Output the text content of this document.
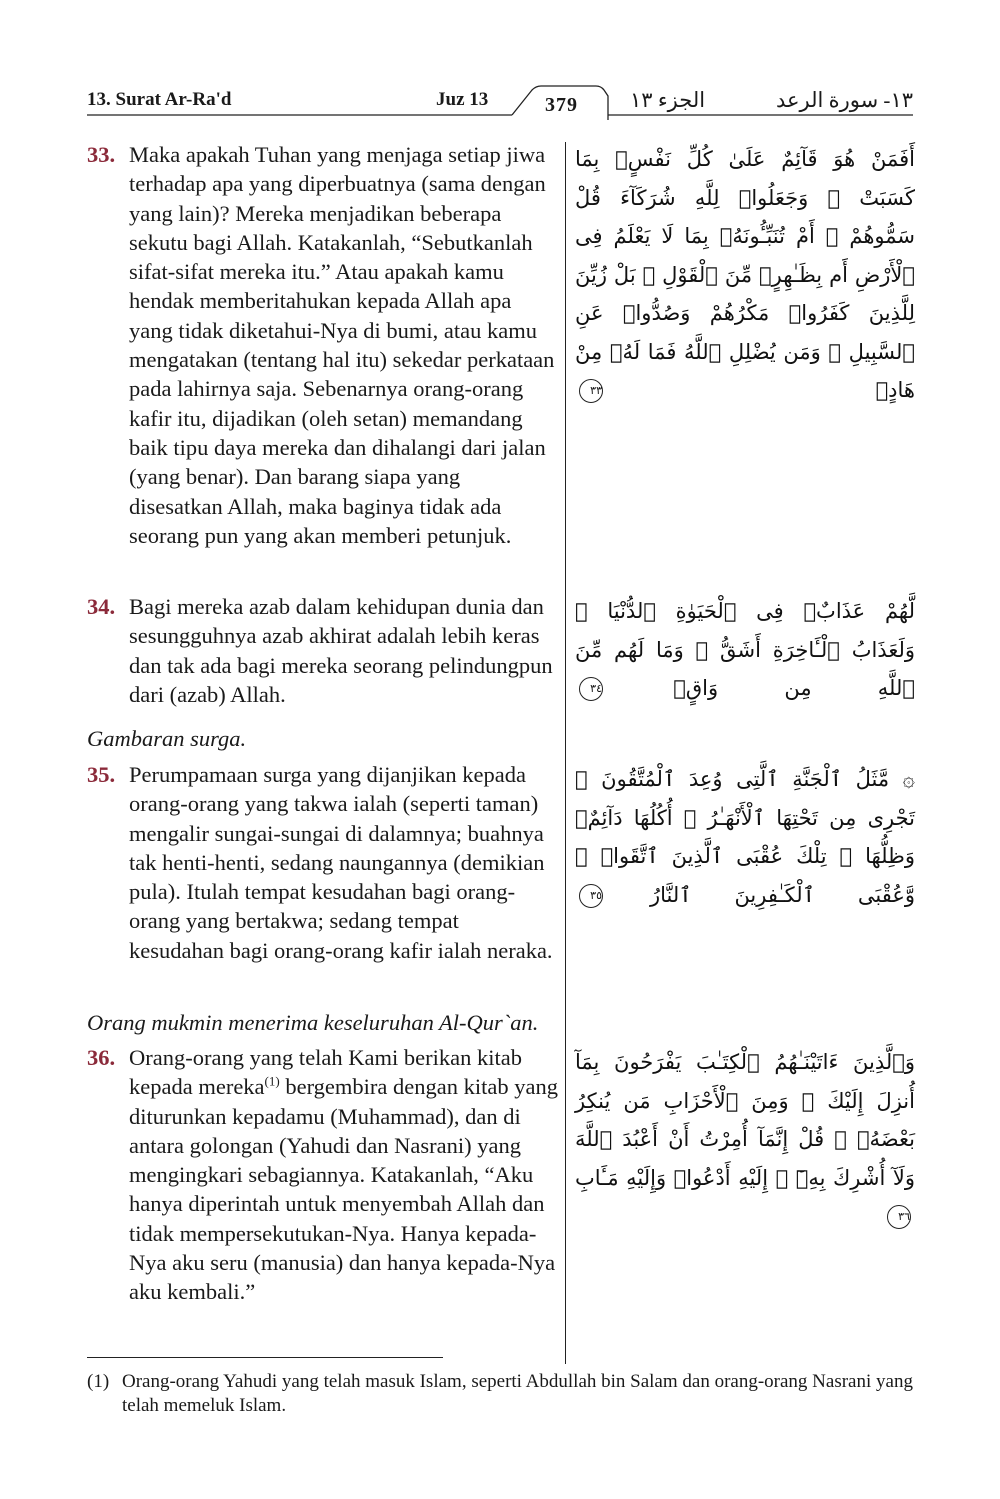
13. Surat Ar-Ra'd	Juz 13	379 الجزء ١٣	١٣- سورة الرعد
33. Maka apakah Tuhan yang menjaga setiap jiwa terhadap apa yang diperbuatnya (sama dengan yang lain)? Mereka menjadikan beberapa sekutu bagi Allah. Katakanlah, “Sebutkanlah sifat-sifat mereka itu.” Atau apakah kamu hendak memberitahukan kepada Allah apa yang tidak diketahui-Nya di bumi, atau kamu mengatakan (tentang hal itu) sekedar perkataan pada lahirnya saja. Sebenarnya orang-orang kafir itu, dijadikan (oleh setan) memandang baik tipu daya mereka dan dihalangi dari jalan (yang benar). Dan barang siapa yang disesatkan Allah, maka baginya tidak ada seorang pun yang akan memberi petunjuk.
أَفَمَنْ هُوَ قَآئِمٌ عَلَىٰ كُلِّ نَفْسٍۢ بِمَا كَسَبَتْ ۗ وَجَعَلُوا۟ لِلَّهِ شُرَكَآءَ قُلْ سَمُّوهُمْ ۚ أَمْ تُنَبِّـُٔونَهُۥ بِمَا لَا يَعْلَمُ فِى ٱلْأَرْضِ أَم بِظَـٰهِرٍۢ مِّنَ ٱلْقَوْلِ ۗ بَلْ زُيِّنَ لِلَّذِينَ كَفَرُوا۟ مَكْرُهُمْ وَصُدُّوا۟ عَنِ ٱلسَّبِيلِ ۗ وَمَن يُضْلِلِ ٱللَّهُ فَمَا لَهُۥ مِنْ هَادٍۢ ٣٣
34. Bagi mereka azab dalam kehidupan dunia dan sesungguhnya azab akhirat adalah lebih keras dan tak ada bagi mereka seorang pelindungpun dari (azab) Allah.
لَّهُمْ عَذَابٌۭ فِى ٱلْحَيَوٰةِ ٱلدُّنْيَا ۖ وَلَعَذَابُ ٱلْـَٔاخِرَةِ أَشَقُّ ۖ وَمَا لَهُم مِّنَ ٱللَّهِ مِن وَاقٍۢ ٣٤
Gambaran surga.
35. Perumpamaan surga yang dijanjikan kepada orang-orang yang takwa ialah (seperti taman) mengalir sungai-sungai di dalamnya; buahnya tak henti-henti, sedang naungannya (demikian pula). Itulah tempat kesudahan bagi orang-orang yang bertakwa; sedang tempat kesudahan bagi orang-orang kafir ialah neraka.
۞ مَّثَلُ ٱلْجَنَّةِ ٱلَّتِى وُعِدَ ٱلْمُتَّقُونَ ۖ تَجْرِى مِن تَحْتِهَا ٱلْأَنْهَـٰرُ ۖ أُكُلُهَا دَآئِمٌۭ وَظِلُّهَا ۚ تِلْكَ عُقْبَى ٱلَّذِينَ ٱتَّقَوا۟ ۖ وَّعُقْبَى ٱلْكَـٰفِرِينَ ٱلنَّارُ ٣٥
Orang mukmin menerima keseluruhan Al-Qur`an.
36. Orang-orang yang telah Kami berikan kitab kepada mereka$^{(1)}$ bergembira dengan kitab yang diturunkan kepadamu (Muhammad), dan di antara golongan (Yahudi dan Nasrani) yang mengingkari sebagiannya. Katakanlah, “Aku hanya diperintah untuk menyembah Allah dan tidak mempersekutukan-Nya. Hanya kepada-Nya aku seru (manusia) dan hanya kepada-Nya aku kembali.”
وَٱلَّذِينَ ءَاتَيْنَـٰهُمُ ٱلْكِتَـٰبَ يَفْرَحُونَ بِمَآ أُنزِلَ إِلَيْكَ ۖ وَمِنَ ٱلْأَحْزَابِ مَن يُنكِرُ بَعْضَهُۥ ۚ قُلْ إِنَّمَآ أُمِرْتُ أَنْ أَعْبُدَ ٱللَّهَ وَلَآ أُشْرِكَ بِهِۦٓ ۚ إِلَيْهِ أَدْعُوا۟ وَإِلَيْهِ مَـَٔابِ ٣٦
(1) Orang-orang Yahudi yang telah masuk Islam, seperti Abdullah bin Salam dan orang-orang Nasrani yang telah memeluk Islam.
